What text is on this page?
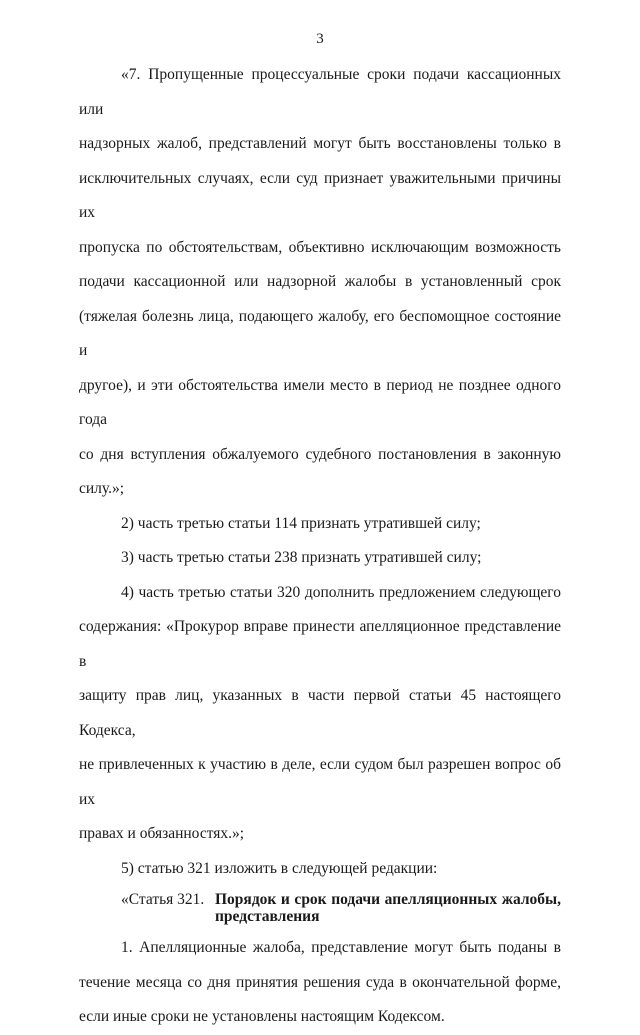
3

«7. Пропущенные процессуальные сроки подачи кассационных или

надзорных жалоб, представлений могут быть восстановлены только в

исключительных случаях, если суд признает уважительными причины их

пропуска по обстоятельствам, объективно исключающим возможность

подачи кассационной или надзорной жалобы в установленный срок

(тяжелая болезнь лица, подающего жалобу, его беспомощное состояние и

другое), и эти обстоятельства имели место в период не позднее одного года

со дня вступления обжалуемого судебного постановления в законную

силу.»;

2) часть третью статьи 114 признать утратившей силу;

3) часть третью статьи 238 признать утратившей силу;

4) часть третью статьи 320 дополнить предложением следующего

содержания: «Прокурор вправе принести апелляционное представление в

защиту прав лиц, указанных в части первой статьи 45 настоящего Кодекса,

не привлеченных к участию в деле, если судом был разрешен вопрос об их

правах и обязанностях.»;

5) статью 321 изложить в следующей редакции:

«Статья 321. Порядок и срок подачи апелляционных жалобы,
представления

1. Апелляционные жалоба, представление могут быть поданы в

течение месяца со дня принятия решения суда в окончательной форме,

если иные сроки не установлены настоящим Кодексом.
